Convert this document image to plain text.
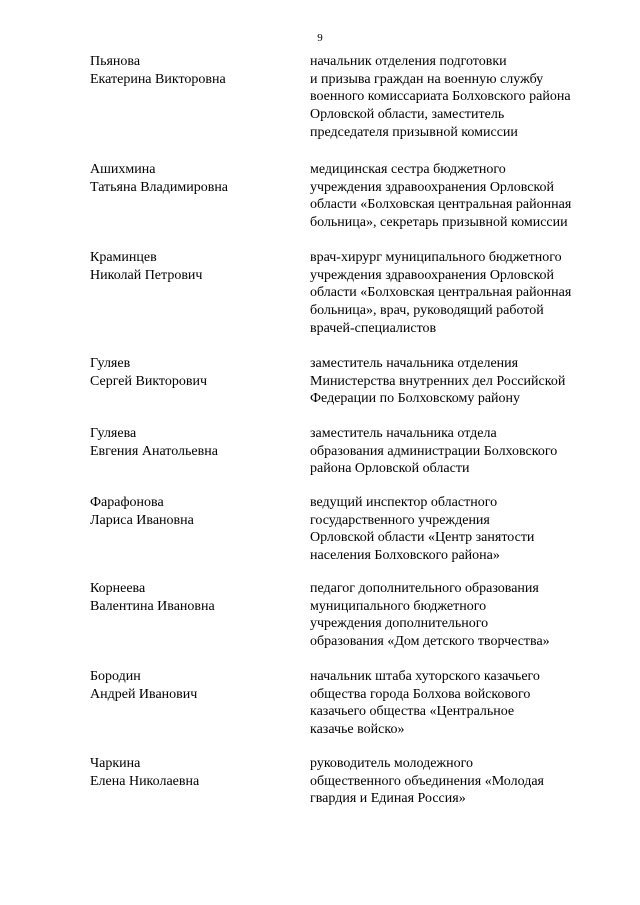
9
Пьянова
Екатерина Викторовна
начальник отделения подготовки
и призыва граждан на военную службу
военного комиссариата Болховского района
Орловской области, заместитель
председателя призывной комиссии
Ашихмина
Татьяна Владимировна
медицинская сестра бюджетного
учреждения здравоохранения Орловской
области «Болховская центральная районная
больница», секретарь призывной комиссии
Краминцев
Николай Петрович
врач-хирург муниципального бюджетного
учреждения здравоохранения Орловской
области «Болховская центральная районная
больница», врач, руководящий работой
врачей-специалистов
Гуляев
Сергей Викторович
заместитель начальника отделения
Министерства внутренних дел Российской
Федерации по Болховскому району
Гуляева
Евгения Анатольевна
заместитель начальника отдела
образования администрации Болховского
района Орловской области
Фарафонова
Лариса Ивановна
ведущий инспектор областного
государственного учреждения
Орловской области «Центр занятости
населения Болховского района»
Корнеева
Валентина Ивановна
педагог дополнительного образования
муниципального бюджетного
учреждения дополнительного
образования «Дом детского творчества»
Бородин
Андрей Иванович
начальник штаба хуторского казачьего
общества города Болхова войскового
казачьего общества «Центральное
казачье войско»
Чаркина
Елена Николаевна
руководитель молодежного
общественного объединения «Молодая
гвардия и Единая Россия»
